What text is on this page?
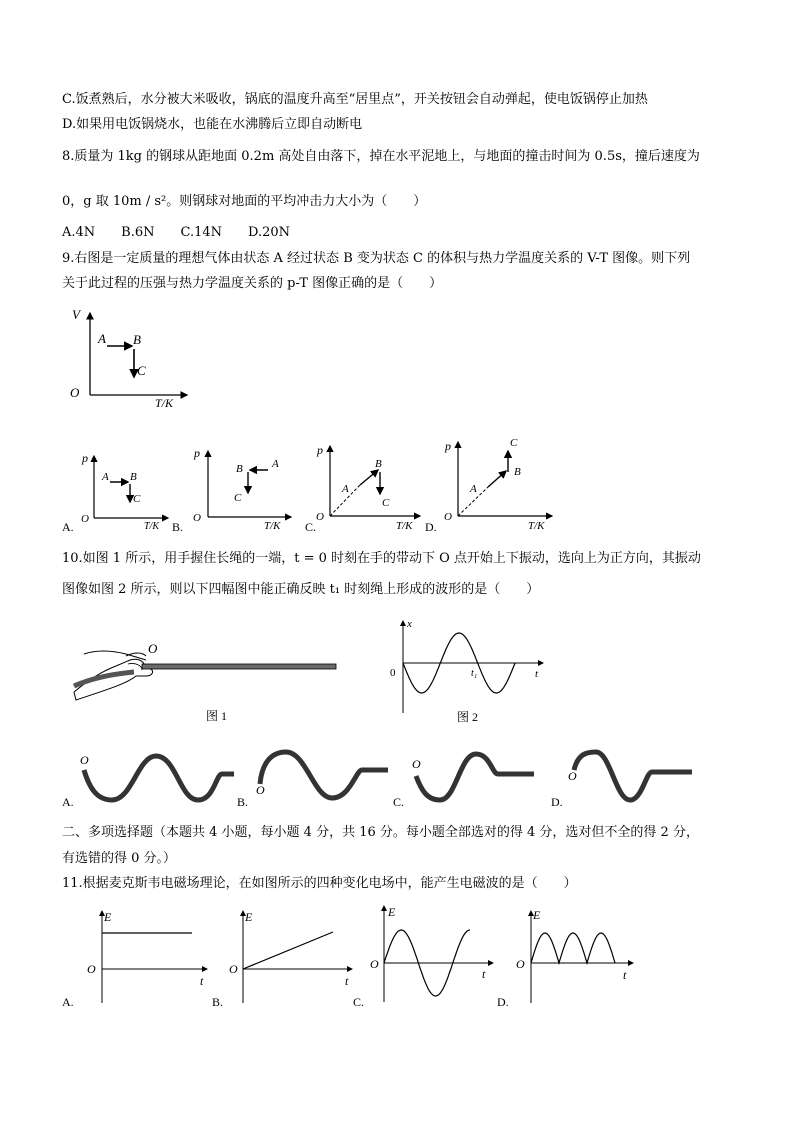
C.饭煮熟后，水分被大米吸收，锅底的温度升高至“居里点”，开关按钮会自动弹起，使电饭锅停止加热
D.如果用电饭锅烧水，也能在水沸腾后立即自动断电
8.质量为 1kg 的钢球从距地面 0.2m 高处自由落下，掉在水平泥地上，与地面的撞击时间为 0.5s，撞后速度为
0，g 取 10m / s²。则钢球对地面的平均冲击力大小为（　　）
A.4N　　B.6N　　C.14N　　D.20N
9.右图是一定质量的理想气体由状态 A 经过状态 B 变为状态 C 的体积与热力学温度关系的 V-T 图像。则下列
关于此过程的压强与热力学温度关系的 p-T 图像正确的是（　　）
10.如图 1 所示，用手握住长绳的一端，t = 0 时刻在手的带动下 O 点开始上下振动，选向上为正方向，其振动
图像如图 2 所示，则以下四幅图中能正确反映 t₁ 时刻绳上形成的波形的是（　　）
二、多项选择题（本题共 4 小题，每小题 4 分，共 16 分。每小题全部选对的得 4 分，选对但不全的得 2 分，
有选错的得 0 分。）
11.根据麦克斯韦电磁场理论，在如图所示的四种变化电场中，能产生电磁波的是（　　）
V
O
T/K
A B
C
p
O
T/K
A B
C
A.
p
O
T/K
A
B
C
B.
p
O
T/K
A
B
C
C.
p
O
T/K
A
B
C
D.
O
图 1
x
0	t
t₁
图 2
O
A.
O
B.
O
C.
O
D.
E
O
t
A.
E
O
t
B.
E
O
t
C.
E
O
t
D.
